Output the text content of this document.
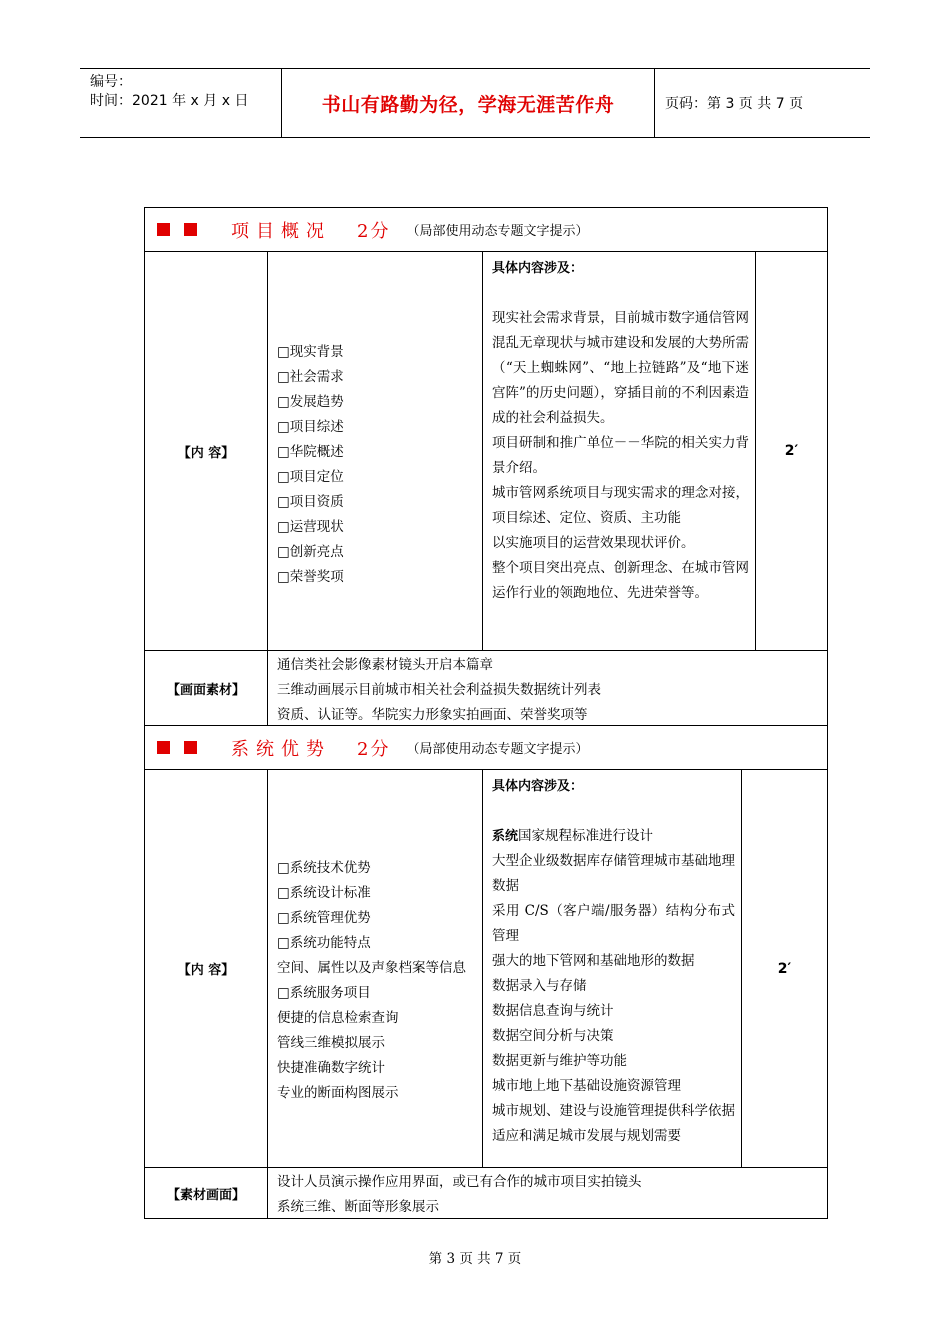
编号：
时间：2021 年 x 月 x 日	书山有路勤为径，学海无涯苦作舟	页码：第 3 页 共 7 页
项目概况 2分 （局部使用动态专题文字提示）
【内 容】
□现实背景
□社会需求
□发展趋势
□项目综述
□华院概述
□项目定位
□项目资质
□运营现状
□创新亮点
□荣誉奖项
具体内容涉及：
现实社会需求背景，目前城市数字通信管网混乱无章现状与城市建设和发展的大势所需（“天上蜘蛛网”、“地上拉链路”及“地下迷宫阵”的历史问题），穿插目前的不利因素造成的社会利益损失。
项目研制和推广单位－－华院的相关实力背景介绍。
城市管网系统项目与现实需求的理念对接，项目综述、定位、资质、主功能
以实施项目的运营效果现状评价。
整个项目突出亮点、创新理念、在城市管网运作行业的领跑地位、先进荣誉等。
2′
【画面素材】
通信类社会影像素材镜头开启本篇章
三维动画展示目前城市相关社会利益损失数据统计列表
资质、认证等。华院实力形象实拍画面、荣誉奖项等
系统优势 2分 （局部使用动态专题文字提示）
【内 容】
□系统技术优势
□系统设计标准
□系统管理优势
□系统功能特点
空间、属性以及声象档案等信息
□系统服务项目
便捷的信息检索查询
管线三维模拟展示
快捷准确数字统计
专业的断面构图展示
具体内容涉及：
系统国家规程标准进行设计
大型企业级数据库存储管理城市基础地理数据
采用 C/S（客户端/服务器）结构分布式管理
强大的地下管网和基础地形的数据
数据录入与存储
数据信息查询与统计
数据空间分析与决策
数据更新与维护等功能
城市地上地下基础设施资源管理
城市规划、建设与设施管理提供科学依据
适应和满足城市发展与规划需要
2′
【素材画面】
设计人员演示操作应用界面，或已有合作的城市项目实拍镜头
系统三维、断面等形象展示
第 3 页 共 7 页
